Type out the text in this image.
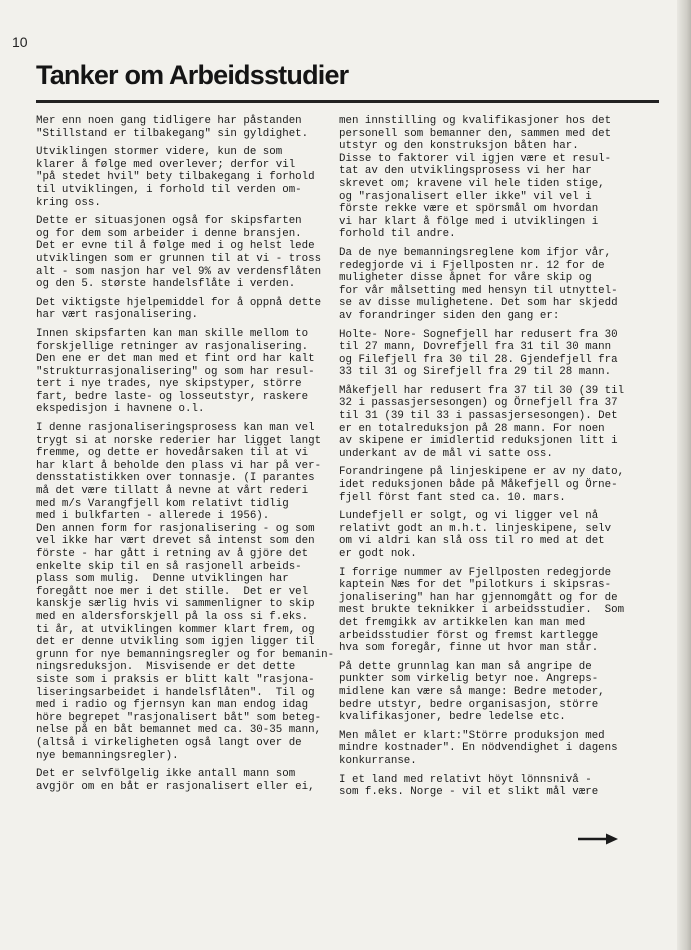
10
Tanker om Arbeidsstudier

Mer enn noen gang tidligere har påstanden
"Stillstand er tilbakegang" sin gyldighet.

Utviklingen stormer videre, kun de som
klarer å følge med overlever; derfor vil
"på stedet hvil" bety tilbakegang i forhold
til utviklingen, i forhold til verden om-
kring oss.

Dette er situasjonen også for skipsfarten
og for dem som arbeider i denne bransjen.
Det er evne til å følge med i og helst lede
utviklingen som er grunnen til at vi - tross
alt - som nasjon har vel 9% av verdensflåten
og den 5. største handelsflåte i verden.

Det viktigste hjelpemiddel for å oppnå dette
har vært rasjonalisering.

Innen skipsfarten kan man skille mellom to
forskjellige retninger av rasjonalisering.
Den ene er det man med et fint ord har kalt
"strukturrasjonalisering" og som har resul-
tert i nye trades, nye skipstyper, större
fart, bedre laste- og losseutstyr, raskere
ekspedisjon i havnene o.l.

I denne rasjonaliseringsprosess kan man vel
trygt si at norske rederier har ligget langt
fremme, og dette er hovedårsaken til at vi
har klart å beholde den plass vi har på ver-
densstatistikken over tonnasje. (I parantes
må det være tillatt å nevne at vårt rederi
med m/s Varangfjell kom relativt tidlig
med i bulkfarten - allerede i 1956).

Den annen form for rasjonalisering - og som
vel ikke har vært drevet så intenst som den
förste - har gått i retning av å gjöre det
enkelte skip til en så rasjonell arbeids-
plass som mulig.  Denne utviklingen har
foregått noe mer i det stille.  Det er vel
kanskje særlig hvis vi sammenligner to skip
med en aldersforskjell på la oss si f.eks.
ti år, at utviklingen kommer klart frem, og
det er denne utvikling som igjen ligger til
grunn for nye bemanningsregler og for bemanin-
ningsreduksjon.  Misvisende er det dette
siste som i praksis er blitt kalt "rasjona-
liseringsarbeidet i handelsflåten".  Til og
med i radio og fjernsyn kan man endog idag
höre begrepet "rasjonalisert båt" som beteg-
nelse på en båt bemannet med ca. 30-35 mann,
(altså i virkeligheten også langt over de
nye bemanningsregler).

Det er selvfölgelig ikke antall mann som
avgjör om en båt er rasjonalisert eller ei,

men innstilling og kvalifikasjoner hos det
personell som bemanner den, sammen med det
utstyr og den konstruksjon båten har.

Disse to faktorer vil igjen være et resul-
tat av den utviklingsprosess vi her har
skrevet om; kravene vil hele tiden stige,
og "rasjonalisert eller ikke" vil vel i
förste rekke være et spörsmål om hvordan
vi har klart å fölge med i utviklingen i
forhold til andre.

Da de nye bemanningsreglene kom ifjor vår,
redegjorde vi i Fjellposten nr. 12 for de
muligheter disse åpnet for våre skip og
for vår målsetting med hensyn til utnyttel-
se av disse mulighetene. Det som har skjedd
av forandringer siden den gang er:

Holte- Nore- Sognefjell har redusert fra 30
til 27 mann, Dovrefjell fra 31 til 30 mann
og Filefjell fra 30 til 28. Gjendefjell fra
33 til 31 og Sirefjell fra 29 til 28 mann.

Måkefjell har redusert fra 37 til 30 (39 til
32 i passasjersesongen) og Örnefjell fra 37
til 31 (39 til 33 i passasjersesongen). Det
er en totalreduksjon på 28 mann. For noen
av skipene er imidlertid reduksjonen litt i
underkant av de mål vi satte oss.

Forandringene på linjeskipene er av ny dato,
idet reduksjonen både på Måkefjell og Örne-
fjell först fant sted ca. 10. mars.

Lundefjell er solgt, og vi ligger vel nå
relativt godt an m.h.t. linjeskipene, selv
om vi aldri kan slå oss til ro med at det
er godt nok.

I forrige nummer av Fjellposten redegjorde
kaptein Næs for det "pilotkurs i skipsras-
jonalisering" han har gjennomgått og for de
mest brukte teknikker i arbeidsstudier.  Som
det fremgikk av artikkelen kan man med
arbeidsstudier först og fremst kartlegge
hva som foregår, finne ut hvor man står.

På dette grunnlag kan man så angripe de
punkter som virkelig betyr noe. Angreps-
midlene kan være så mange: Bedre metoder,
bedre utstyr, bedre organisasjon, större
kvalifikasjoner, bedre ledelse etc.

Men målet er klart:"Större produksjon med
mindre kostnader". En nödvendighet i dagens
konkurranse.

I et land med relativt höyt lönnsnivå -
som f.eks. Norge - vil et slikt mål være
